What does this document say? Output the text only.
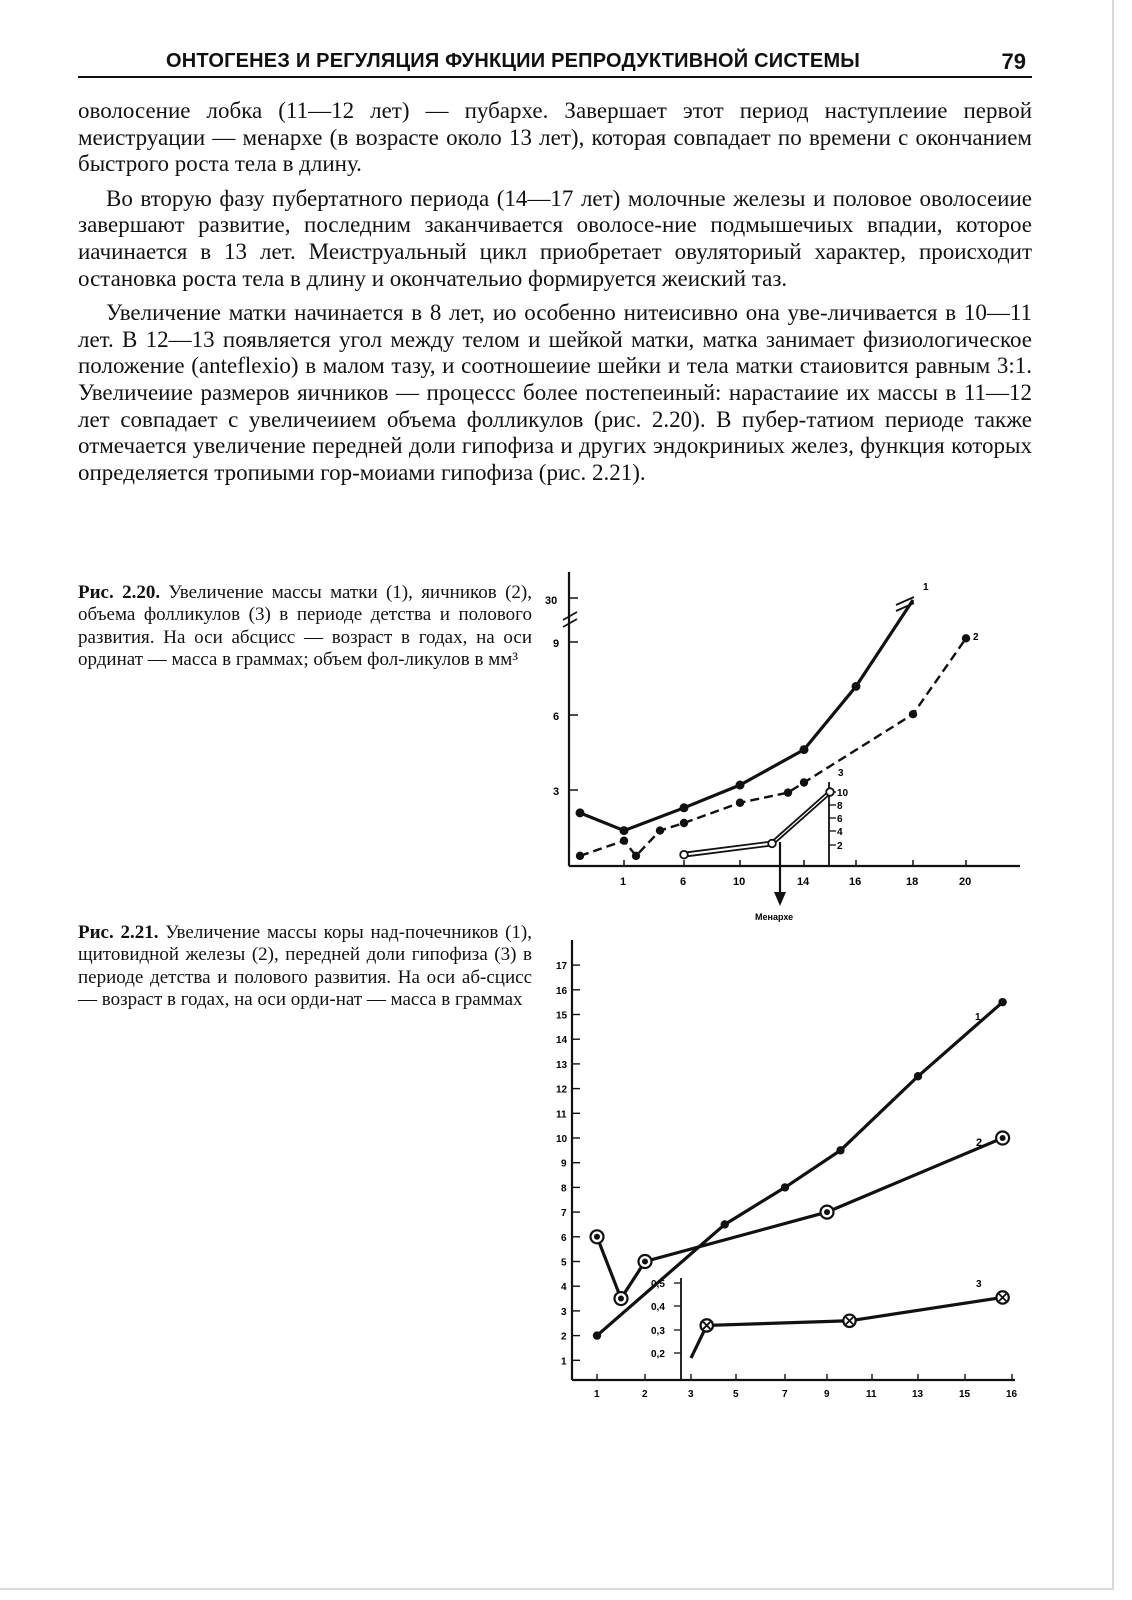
ОНТОГЕНЕЗ И РЕГУЛЯЦИЯ ФУНКЦИИ РЕПРОДУКТИВНОЙ СИСТЕМЫ	79

оволосение лобка (11—12 лет) — пубархе. Завершает этот период наступлеиие первой меиструации — менархе (в возрасте около 13 лет), которая совпадает по времени с окончанием быстрого роста тела в длину.

Во вторую фазу пубертатного периода (14—17 лет) молочные железы и половое оволосеиие завершают развитие, последним заканчивается оволосе-ние подмышечиых впадии, которое иачинается в 13 лет. Меиструальный цикл приобретает овуляториый характер, происходит остановка роста тела в длину и окончательио формируется жеиский таз.

Увеличение матки начинается в 8 лет, ио особенно нитеисивно она уве-личивается в 10—11 лет. В 12—13 появляется угол между телом и шейкой матки, матка занимает физиологическое положение (anteflexio) в малом тазу, и соотношеиие шейки и тела матки стаиовится равным 3:1. Увеличеиие размеров яичников — процессс более постепеиный: нарастаиие их массы в 11—12 лет совпадает с увеличеиием объема фолликулов (рис. 2.20). В пубер-татиом периоде также отмечается увеличение передней доли гипофиза и других эндокриниых желез, функция которых определяется тропиыми гор-моиами гипофиза (рис. 2.21).

Рис. 2.20. Увеличение массы матки (1), яичников (2), объема фолликулов (3) в периоде детства и полового развития. На оси абсцисс — возраст в годах, на оси ординат — масса в граммах; объем фол-ликулов в мм³
Рис. 2.21. Увеличение массы коры над-почечников (1), щитовидной железы (2), передней доли гипофиза (3) в периоде детства и полового развития. На оси аб-сцисс — возраст в годах, на оси орди-нат — масса в граммах
30
9
6
3
1	6	10	14	16	18	20
Менархе
10
8
6
4
2
1
2
3
1
2
3
4
5
6
7
8
9
10
11
12
13
14
15
16
17
1	2	3	5	7	9	11	13	15	16
0,5
0,4
0,3
0,2
1
2
3
